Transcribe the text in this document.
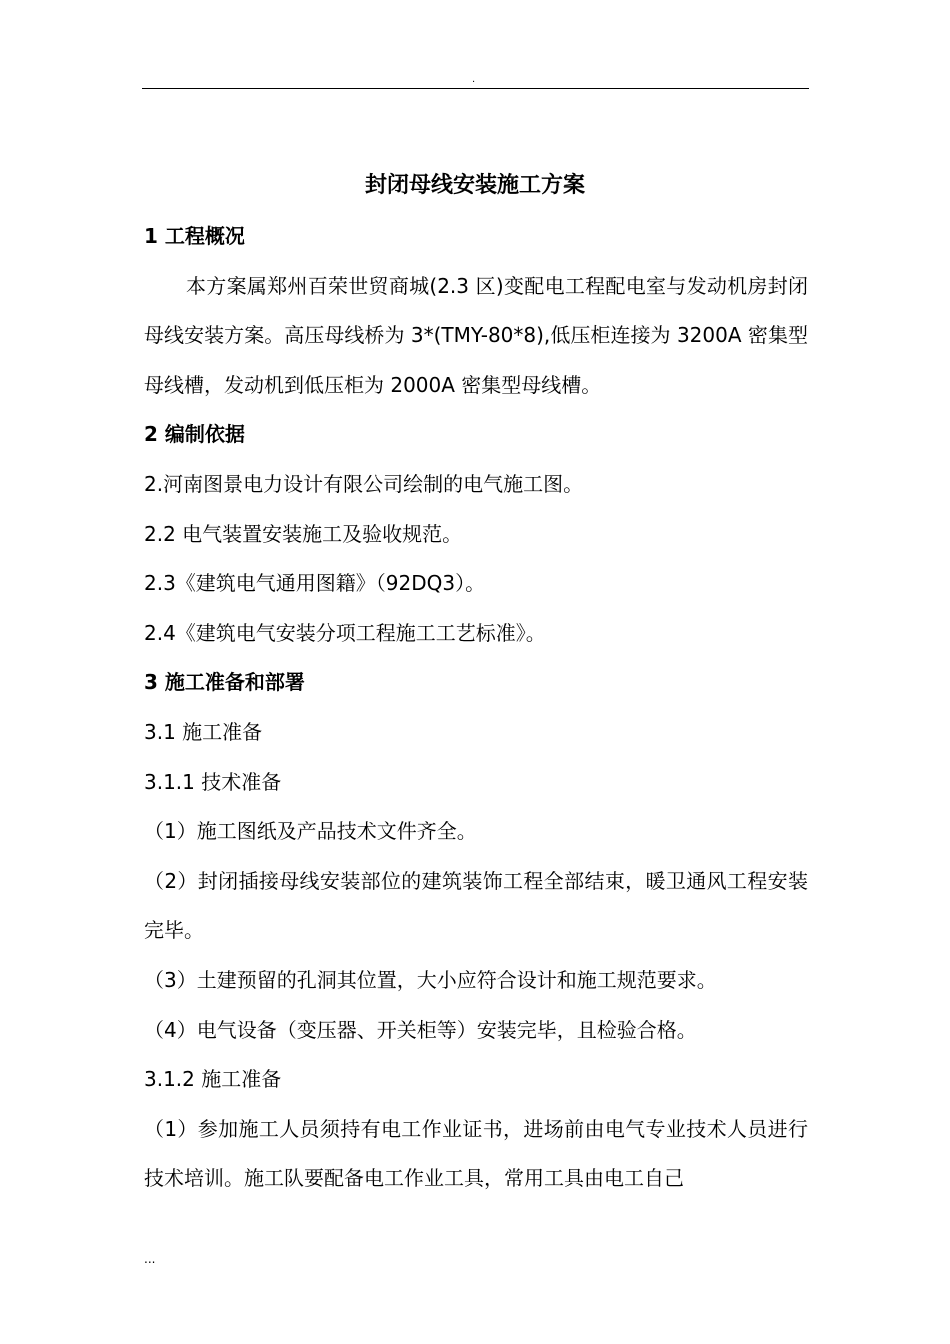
.
封闭母线安装施工方案

1 工程概况

本方案属郑州百荣世贸商城(2.3 区)变配电工程配电室与发动机房封闭母线安装方案。高压母线桥为 3*(TMY-80*8),低压柜连接为 3200A 密集型母线槽，发动机到低压柜为 2000A 密集型母线槽。

2 编制依据

2.河南图景电力设计有限公司绘制的电气施工图。

2.2 电气装置安装施工及验收规范。

2.3《建筑电气通用图籍》（92DQ3）。

2.4《建筑电气安装分项工程施工工艺标准》。

3 施工准备和部署

3.1 施工准备

3.1.1 技术准备

（1）施工图纸及产品技术文件齐全。

（2）封闭插接母线安装部位的建筑装饰工程全部结束，暖卫通风工程安装完毕。

（3）土建预留的孔洞其位置，大小应符合设计和施工规范要求。

（4）电气设备（变压器、开关柜等）安装完毕，且检验合格。

3.1.2 施工准备

（1）参加施工人员须持有电工作业证书，进场前由电气专业技术人员进行技术培训。施工队要配备电工作业工具，常用工具由电工自己

...
